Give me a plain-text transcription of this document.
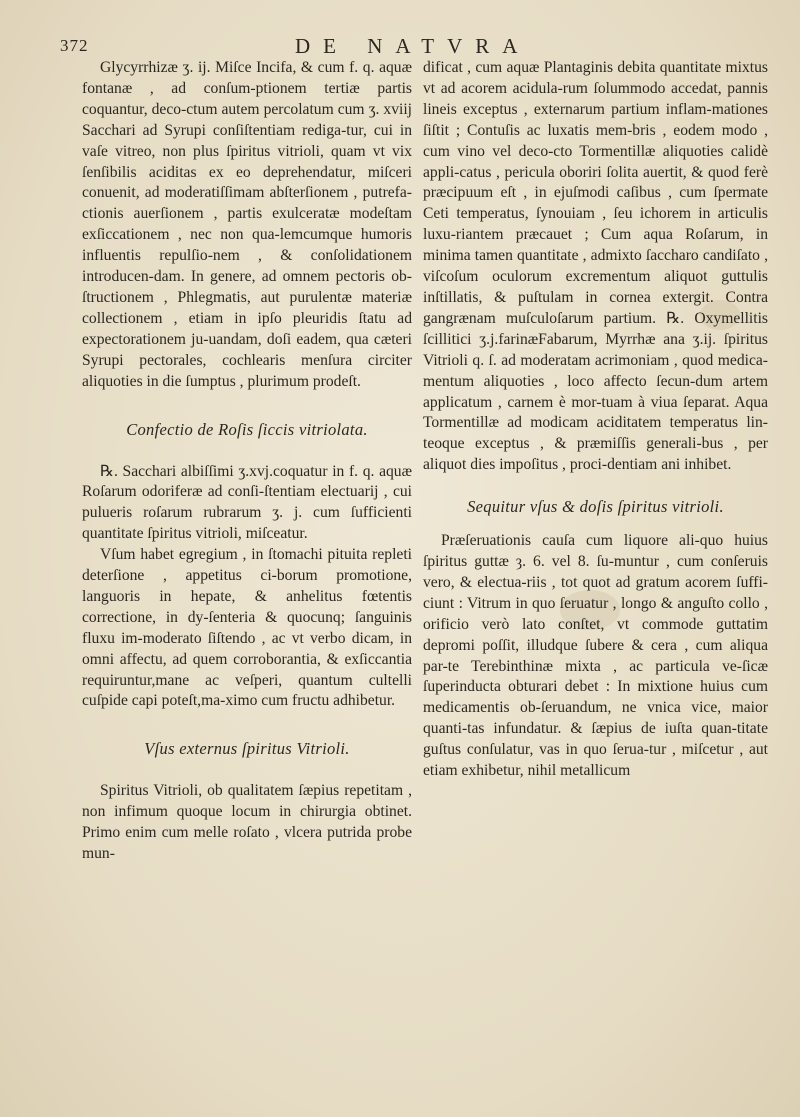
372	DE NATVRA

Glycyrrhizæ ʒ. ij. Miſce Incifa, & cum f. q. aquæ fontanæ , ad conſum-ptionem tertiæ partis coquantur, deco-ctum autem percolatum cum ʒ. xviij Sacchari ad Syrupi conſiſtentiam rediga-tur, cui in vaſe vitreo, non plus ſpiritus vitrioli, quam vt vix ſenſibilis aciditas ex eo deprehendatur, miſceri conuenit, ad moderatiſſimam abſterſionem , putrefa-ctionis auerſionem , partis exulceratæ modeſtam exſiccationem , nec non qua-lemcumque humoris influentis repulſio-nem , & conſolidationem introducen-dam. In genere, ad omnem pectoris ob-ſtructionem , Phlegmatis, aut purulentæ materiæ collectionem , etiam in ipſo pleuridis ſtatu ad expectorationem ju-uandam, doſi eadem, qua cæteri Syrupi pectorales, cochlearis menſura circiter aliquoties in die ſumptus , plurimum prodeſt.

Confectio de Roſis ſiccis vitriolata.

℞. Sacchari albiſſimi ʒ.xvj.coquatur in f. q. aquæ Roſarum odoriferæ ad conſi-ſtentiam electuarij , cui pulueris roſarum rubrarum ʒ. j. cum ſufficienti quantitate ſpiritus vitrioli, miſceatur.

Vſum habet egregium , in ſtomachi pituita repleti deterſione , appetitus ci-borum promotione, languoris in hepate, & anhelitus fœtentis correctione, in dy-ſenteria & quocunq; ſanguinis fluxu im-moderato ſiſtendo , ac vt verbo dicam, in omni affectu, ad quem corroborantia, & exſiccantia requiruntur,mane ac veſperi, quantum cultelli cuſpide capi poteſt,ma-ximo cum fructu adhibetur.

Vſus externus ſpiritus Vitrioli.

Spiritus Vitrioli, ob qualitatem ſæpius repetitam , non infimum quoque locum in chirurgia obtinet. Primo enim cum melle roſato , vlcera putrida probe mun-

dificat , cum aquæ Plantaginis debita quantitate mixtus vt ad acorem acidula-rum ſolummodo accedat, pannis lineis exceptus , externarum partium inflam-mationes ſiſtit ; Contuſis ac luxatis mem-bris , eodem modo , cum vino vel deco-cto Tormentillæ aliquoties calidè appli-catus , pericula oboriri ſolita auertit, & quod ferè præcipuum eſt , in ejuſmodi caſibus , cum ſpermate Ceti temperatus, ſynouiam , ſeu ichorem in articulis luxu-riantem præcauet ; Cum aqua Roſarum, in minima tamen quantitate , admixto ſaccharo candiſato , viſcoſum oculorum excrementum aliquot guttulis inſtillatis, & puſtulam in cornea extergit. Contra gangrænam muſculoſarum partium. ℞. Oxymellitis ſcillitici ʒ.j.farinæFabarum, Myrrhæ ana ʒ.ij. ſpiritus Vitrioli q. ſ. ad moderatam acrimoniam , quod medica-mentum aliquoties , loco affecto ſecun-dum artem applicatum , carnem è mor-tuam à viua ſeparat. Aqua Tormentillæ ad modicam aciditatem temperatus lin-teoque exceptus , & præmiſſis generali-bus , per aliquot dies impoſitus , proci-dentiam ani inhibet.

Sequitur vſus & doſis ſpiritus vitrioli.

Præſeruationis cauſa cum liquore ali-quo huius ſpiritus guttæ ȝ. 6. vel 8. ſu-muntur , cum conſeruis vero, & electua-riis , tot quot ad gratum acorem ſuffi-ciunt : Vitrum in quo ſeruatur , longo & anguſto collo , orificio verò lato conſtet, vt commode guttatim depromi poſſit, illudque ſubere & cera , cum aliqua par-te Terebinthinæ mixta , ac particula ve-ſicæ ſuperinducta obturari debet : In mixtione huius cum medicamentis ob-ſeruandum, ne vnica vice, maior quanti-tas infundatur. & ſæpius de iuſta quan-titate guſtus conſulatur, vas in quo ſerua-tur , miſcetur , aut etiam exhibetur, nihil metallicum
